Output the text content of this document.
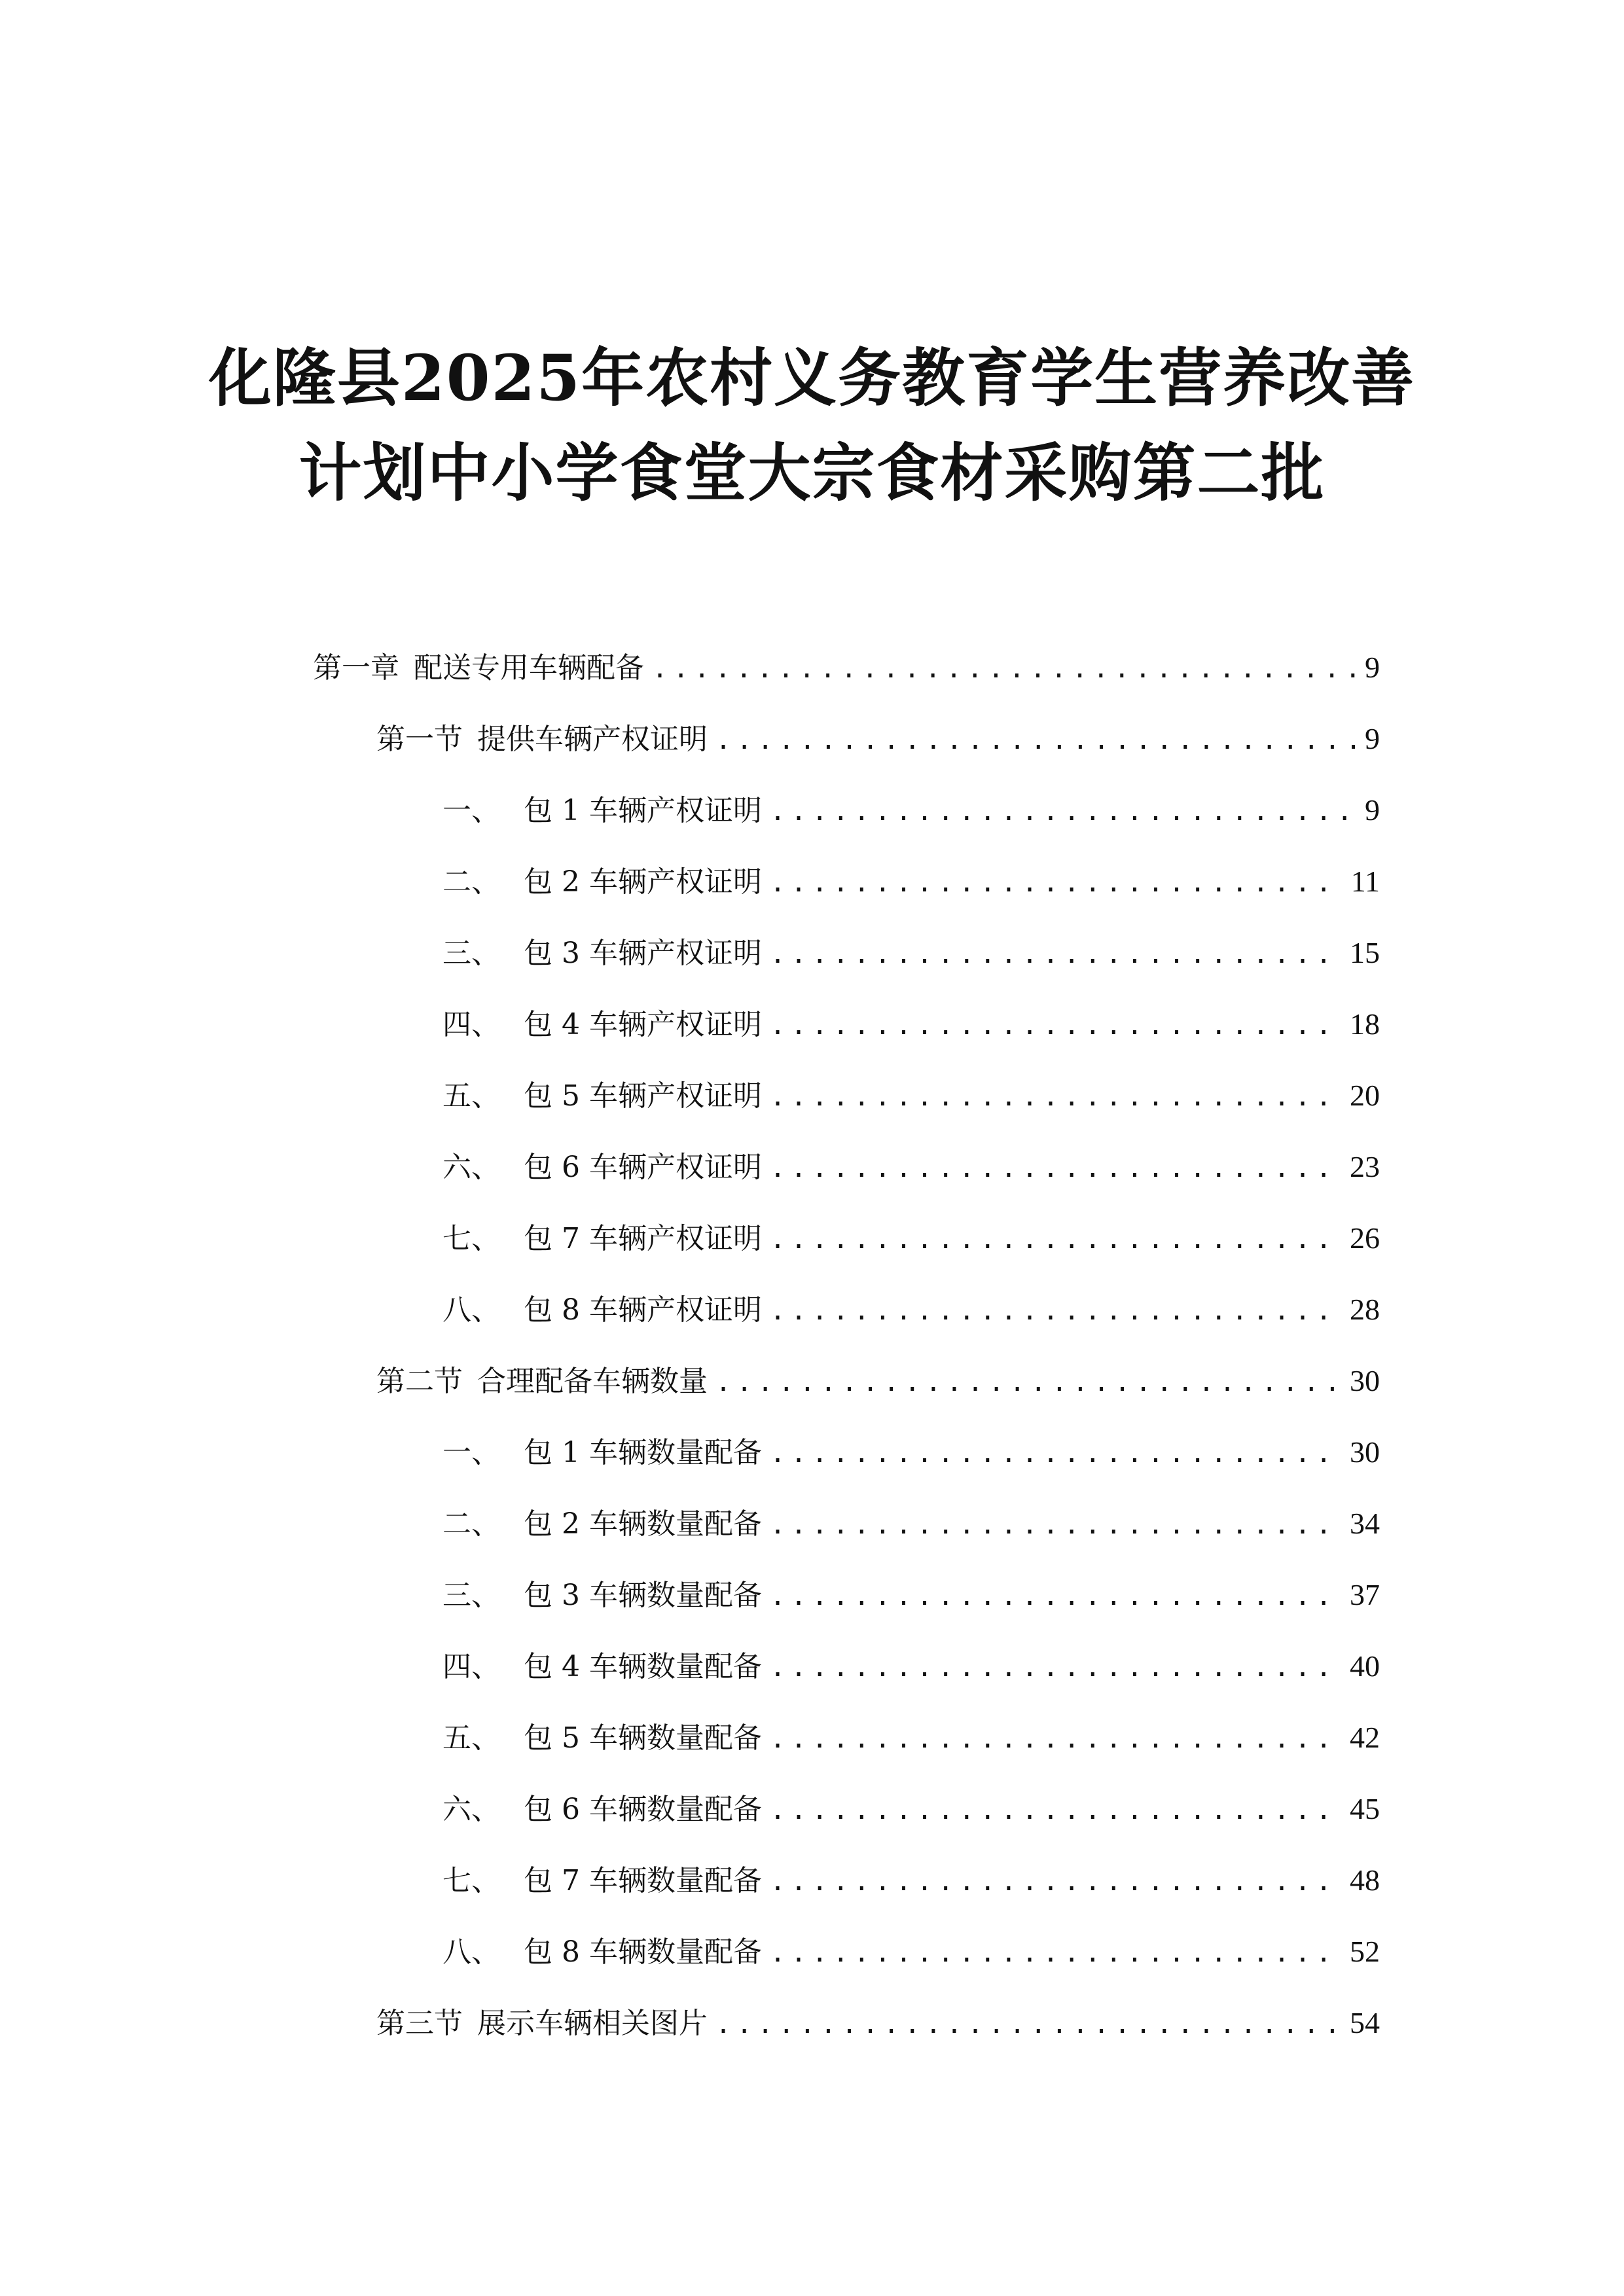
化隆县2025年农村义务教育学生营养改善
计划中小学食堂大宗食材采购第二批
第一章  配送专用车辆配备 .....	9
第一节  提供车辆产权证明 .....	9
一、 包 1 车辆产权证明 .....	9
二、 包 2 车辆产权证明 .....	11
三、 包 3 车辆产权证明 .....	15
四、 包 4 车辆产权证明 .....	18
五、 包 5 车辆产权证明 .....	20
六、 包 6 车辆产权证明 .....	23
七、 包 7 车辆产权证明 .....	26
八、 包 8 车辆产权证明 .....	28
第二节  合理配备车辆数量 .....	30
一、 包 1 车辆数量配备 .....	30
二、 包 2 车辆数量配备 .....	34
三、 包 3 车辆数量配备 .....	37
四、 包 4 车辆数量配备 .....	40
五、 包 5 车辆数量配备 .....	42
六、 包 6 车辆数量配备 .....	45
七、 包 7 车辆数量配备 .....	48
八、 包 8 车辆数量配备 .....	52
第三节  展示车辆相关图片 .....	54
